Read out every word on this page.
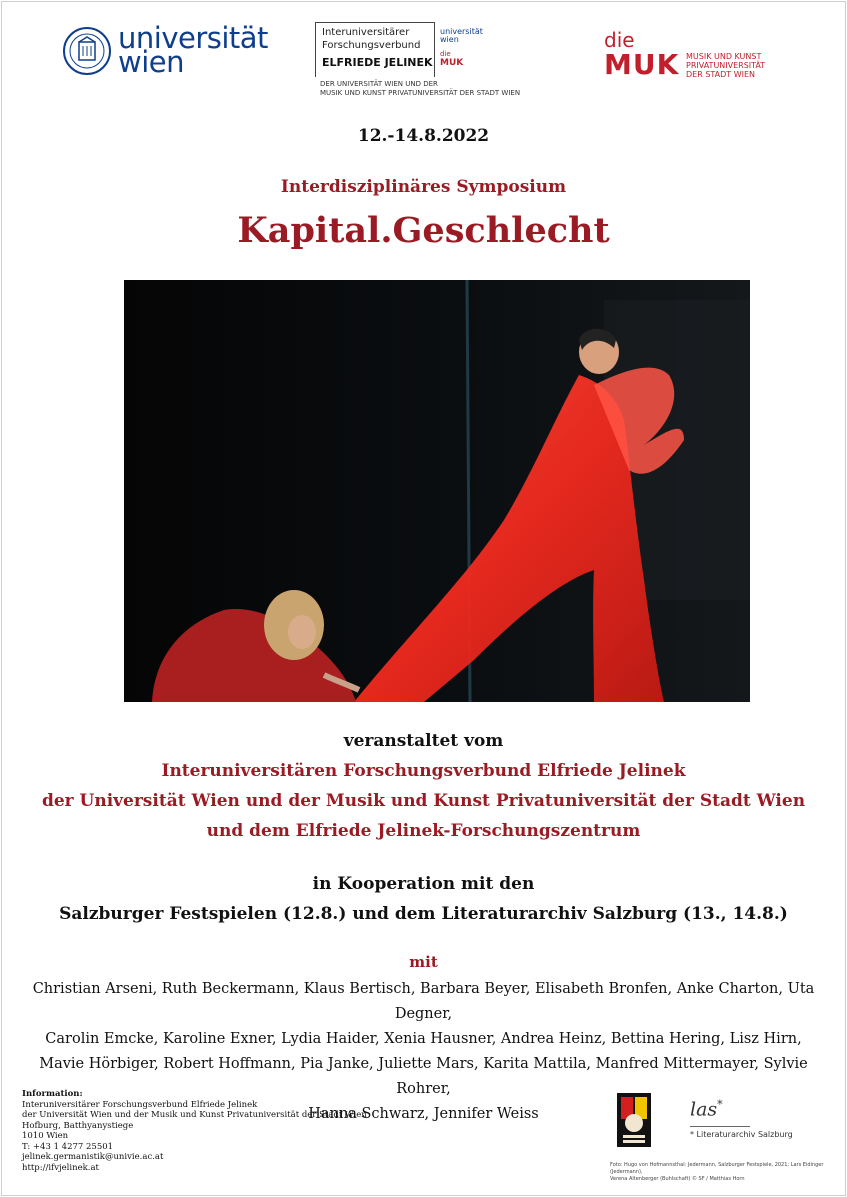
universität
wien
Interuniversitärer
Forschungsverbund
ELFRIEDE JELINEK
universität
wien
die
MUK
DER UNIVERSITÄT WIEN UND DER
MUSIK UND KUNST PRIVATUNIVERSITÄT DER STADT WIEN
die
MUK MUSIK UND KUNST
PRIVATUNIVERSITÄT
DER STADT WIEN
12.-14.8.2022
Interdisziplinäres Symposium
Kapital.Geschlecht
veranstaltet vom
Interuniversitären Forschungsverbund Elfriede Jelinek
der Universität Wien und der Musik und Kunst Privatuniversität der Stadt Wien
und dem Elfriede Jelinek-Forschungszentrum
in Kooperation mit den
Salzburger Festspielen (12.8.) und dem Literaturarchiv Salzburg (13., 14.8.)
mit
Christian Arseni, Ruth Beckermann, Klaus Bertisch, Barbara Beyer, Elisabeth Bronfen, Anke Charton, Uta Degner,
Carolin Emcke, Karoline Exner, Lydia Haider, Xenia Hausner, Andrea Heinz, Bettina Hering, Lisz Hirn,
Mavie Hörbiger, Robert Hoffmann, Pia Janke, Juliette Mars, Karita Mattila, Manfred Mittermayer, Sylvie Rohrer,
Hanna Schwarz, Jennifer Weiss
Information:
Interuniversitärer Forschungsverbund Elfriede Jelinek
der Universität Wien und der Musik und Kunst Privatuniversität der Stadt Wien
Hofburg, Batthyanystiege
1010 Wien
T: +43 1 4277 25501
jelinek.germanistik@univie.ac.at
http://ifvjelinek.at
las*
* Literaturarchiv Salzburg
Foto: Hugo von Hofmannsthal: Jedermann, Salzburger Festspiele, 2021; Lars Eidinger (Jedermann),
Verena Altenberger (Buhlschaft) © SF / Matthias Horn
